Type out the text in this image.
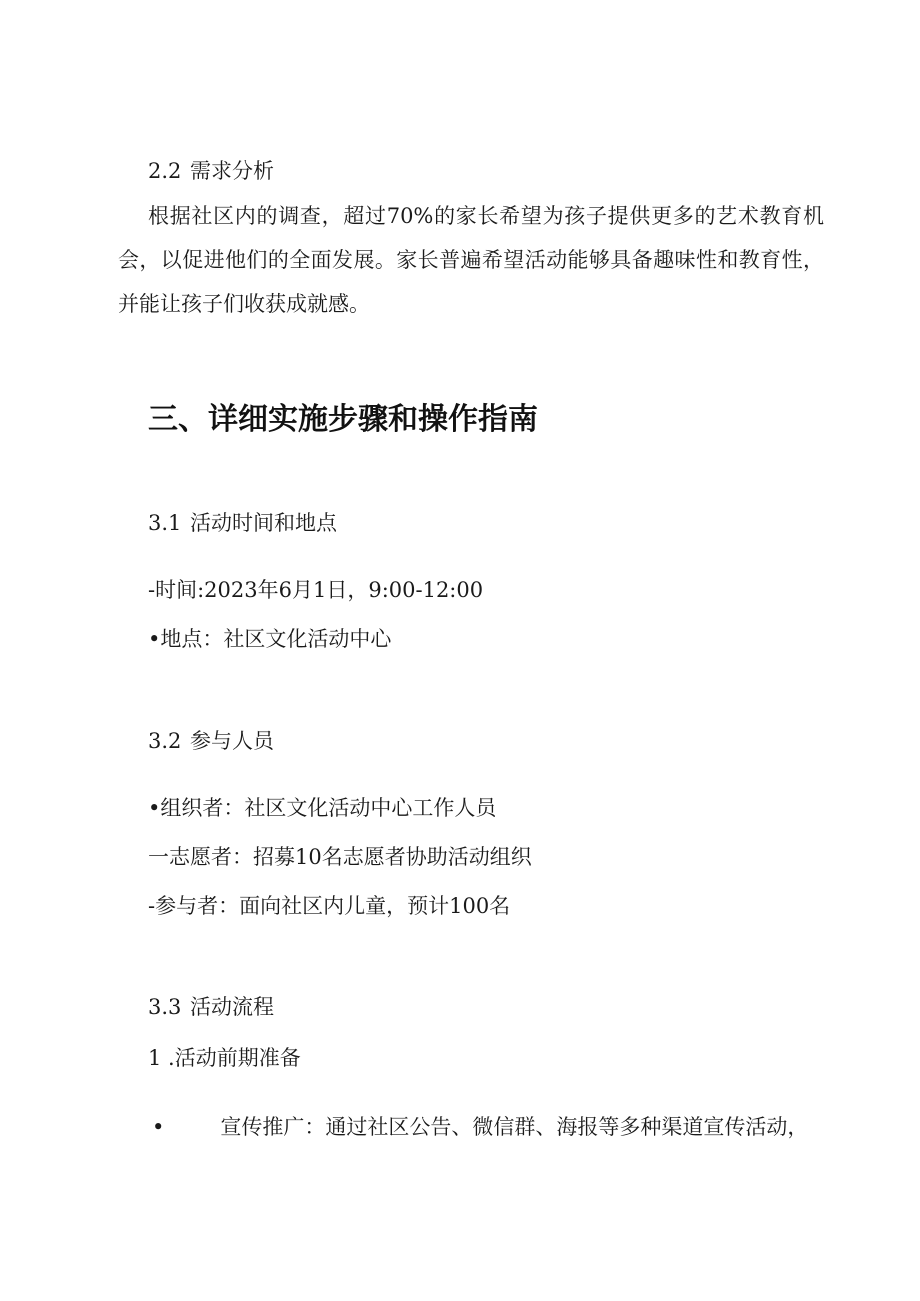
2.2 需求分析
根据社区内的调查，超过70%的家长希望为孩子提供更多的艺术教育机会，以促进他们的全面发展。家长普遍希望活动能够具备趣味性和教育性，并能让孩子们收获成就感。
三、详细实施步骤和操作指南
3.1 活动时间和地点
-时间:2023年6月1日，9:00-12:00
•地点：社区文化活动中心
3.2 参与人员
•组织者：社区文化活动中心工作人员
一志愿者：招募10名志愿者协助活动组织
-参与者：面向社区内儿童，预计100名
3.3 活动流程
1 .活动前期准备
•	宣传推广：通过社区公告、微信群、海报等多种渠道宣传活动，
